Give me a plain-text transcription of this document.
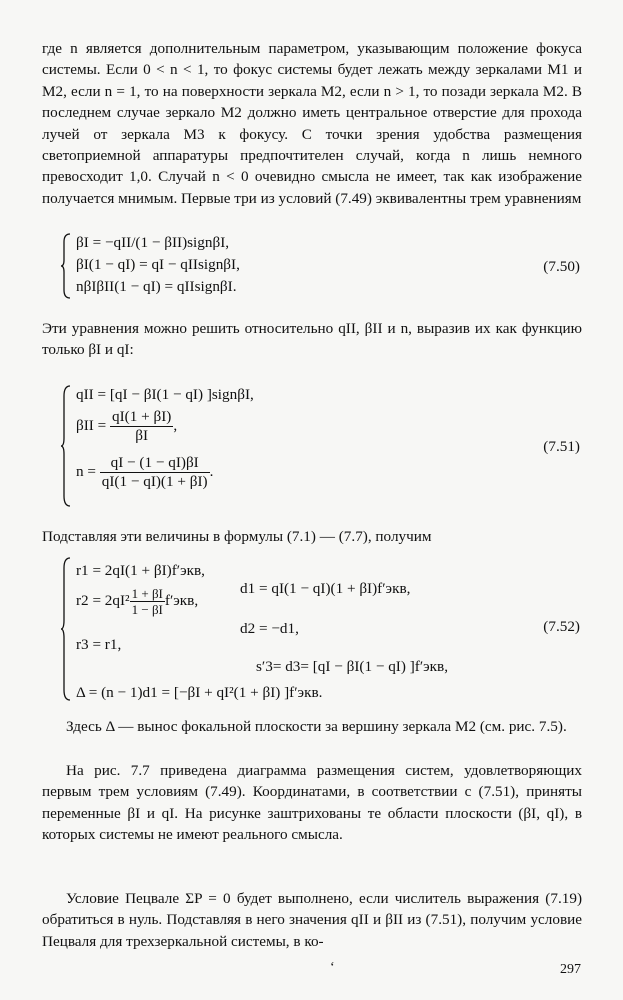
где n является дополнительным параметром, указывающим положение фокуса системы. Если 0 < n < 1, то фокус системы будет лежать между зеркалами М1 и М2, если n = 1, то на поверхности зеркала М2, если n > 1, то позади зеркала М2. В последнем случае зеркало М2 должно иметь центральное отверстие для прохода лучей от зеркала М3 к фокусу. С точки зрения удобства размещения светоприемной аппаратуры предпочтителен случай, когда n лишь немного превосходит 1,0. Случай n < 0 очевидно смысла не имеет, так как изображение получается мнимым. Первые три из условий (7.49) эквивалентны трем уравнениям
βI = −qII/(1 − βII)signβI,
βI(1 − qI) = qI − qIIsignβI,
nβIβII(1 − qI) = qIIsignβI.
(7.50)
Эти уравнения можно решить относительно qII, βII и n, выразив их как функцию только βI и qI:
qII = [qI − βI(1 − qI) ]signβI,
$\beta II = \frac{qI(1 + \beta I)}{\beta I}$ ,
$n = \frac{qI - (1 - qI)\beta I}{qI(1 - qI)(1 + \beta I)}$ .
(7.51)
Подставляя эти величины в формулы (7.1) — (7.7), получим
r1 = 2qI(1 + βI)f′экв,
d1 = qI(1 − qI)(1 + βI)f′экв,
$r2 = 2qI^2 \frac{1 + \beta I}{1 - \beta I} f'экв$,
d2 = −d1,
r3 = r1,
s′3= d3= [qI − βI(1 − qI) ]f′экв,
Δ = (n − 1)d1 = [−βI + qI²(1 + βI) ]f′экв.
(7.52)
Здесь Δ — вынос фокальной плоскости за вершину зеркала М2 (см. рис. 7.5).
На рис. 7.7 приведена диаграмма размещения систем, удовлетворяющих первым трем условиям (7.49). Координатами, в соответствии с (7.51), приняты переменные βI и qI. На рисунке заштрихованы те области плоскости (βI, qI), в которых системы не имеют реального смысла.
Условие Пецвале ΣP = 0 будет выполнено, если числитель выражения (7.19) обратиться в нуль. Подставляя в него значения qII и βII из (7.51), получим условие Пецваля для трехзеркальной системы, в ко-
‘	297
